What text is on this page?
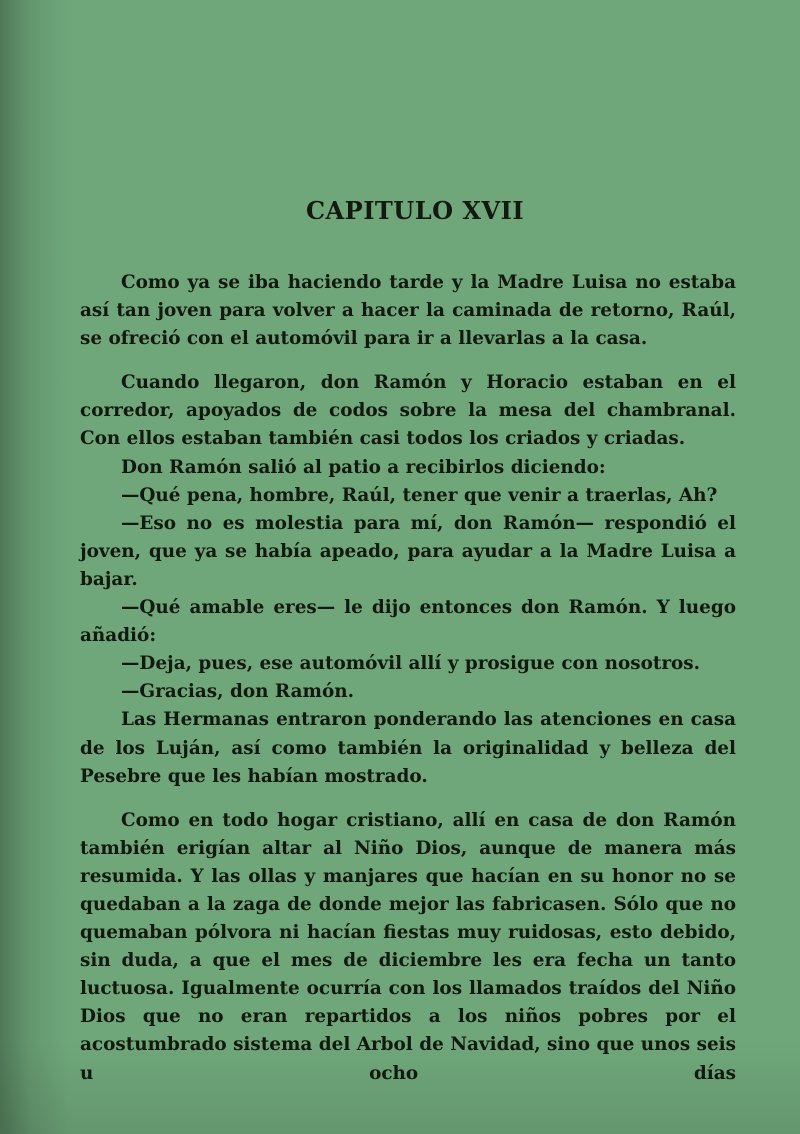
CAPITULO XVII

Como ya se iba haciendo tarde y la Madre Luisa no estaba así tan joven para volver a hacer la caminada de retorno, Raúl, se ofreció con el automóvil para ir a llevarlas a la casa.

Cuando llegaron, don Ramón y Horacio estaban en el corredor, apoyados de codos sobre la mesa del chambranal. Con ellos estaban también casi todos los criados y criadas.

Don Ramón salió al patio a recibirlos diciendo:

—Qué pena, hombre, Raúl, tener que venir a traerlas, Ah?

—Eso no es molestia para mí, don Ramón— respondió el joven, que ya se había apeado, para ayudar a la Madre Luisa a bajar.

—Qué amable eres— le dijo entonces don Ramón. Y luego añadió:

—Deja, pues, ese automóvil allí y prosigue con nosotros.

—Gracias, don Ramón.

Las Hermanas entraron ponderando las atenciones en casa de los Luján, así como también la originalidad y belleza del Pesebre que les habían mostrado.

Como en todo hogar cristiano, allí en casa de don Ramón también erigían altar al Niño Dios, aunque de manera más resumida. Y las ollas y manjares que hacían en su honor no se quedaban a la zaga de donde mejor las fabricasen. Sólo que no quemaban pólvora ni hacían fiestas muy ruidosas, esto debido, sin duda, a que el mes de diciembre les era fecha un tanto luctuosa. Igualmente ocurría con los llamados traídos del Niño Dios que no eran repartidos a los niños pobres por el acostumbrado sistema del Arbol de Navidad, sino que unos seis u ocho días
